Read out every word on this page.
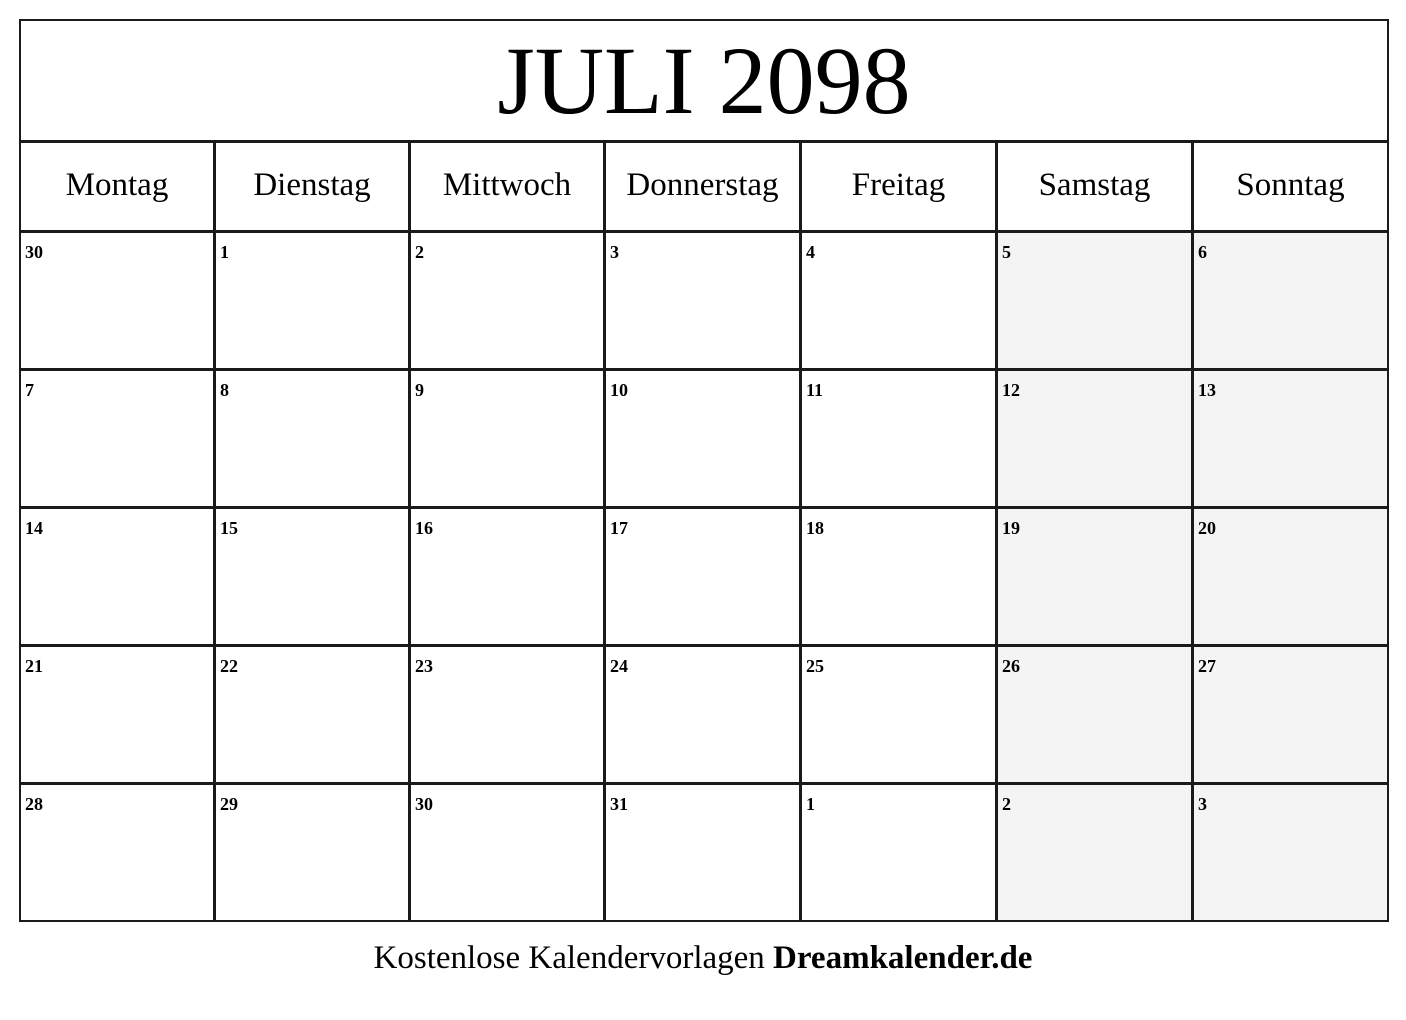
JULI 2098
Montag	Dienstag	Mittwoch	Donnerstag	Freitag	Samstag	Sonntag
30	1	2	3	4	5	6
7	8	9	10	11	12	13
14	15	16	17	18	19	20
21	22	23	24	25	26	27
28	29	30	31	1	2	3
Kostenlose Kalendervorlagen Dreamkalender.de
